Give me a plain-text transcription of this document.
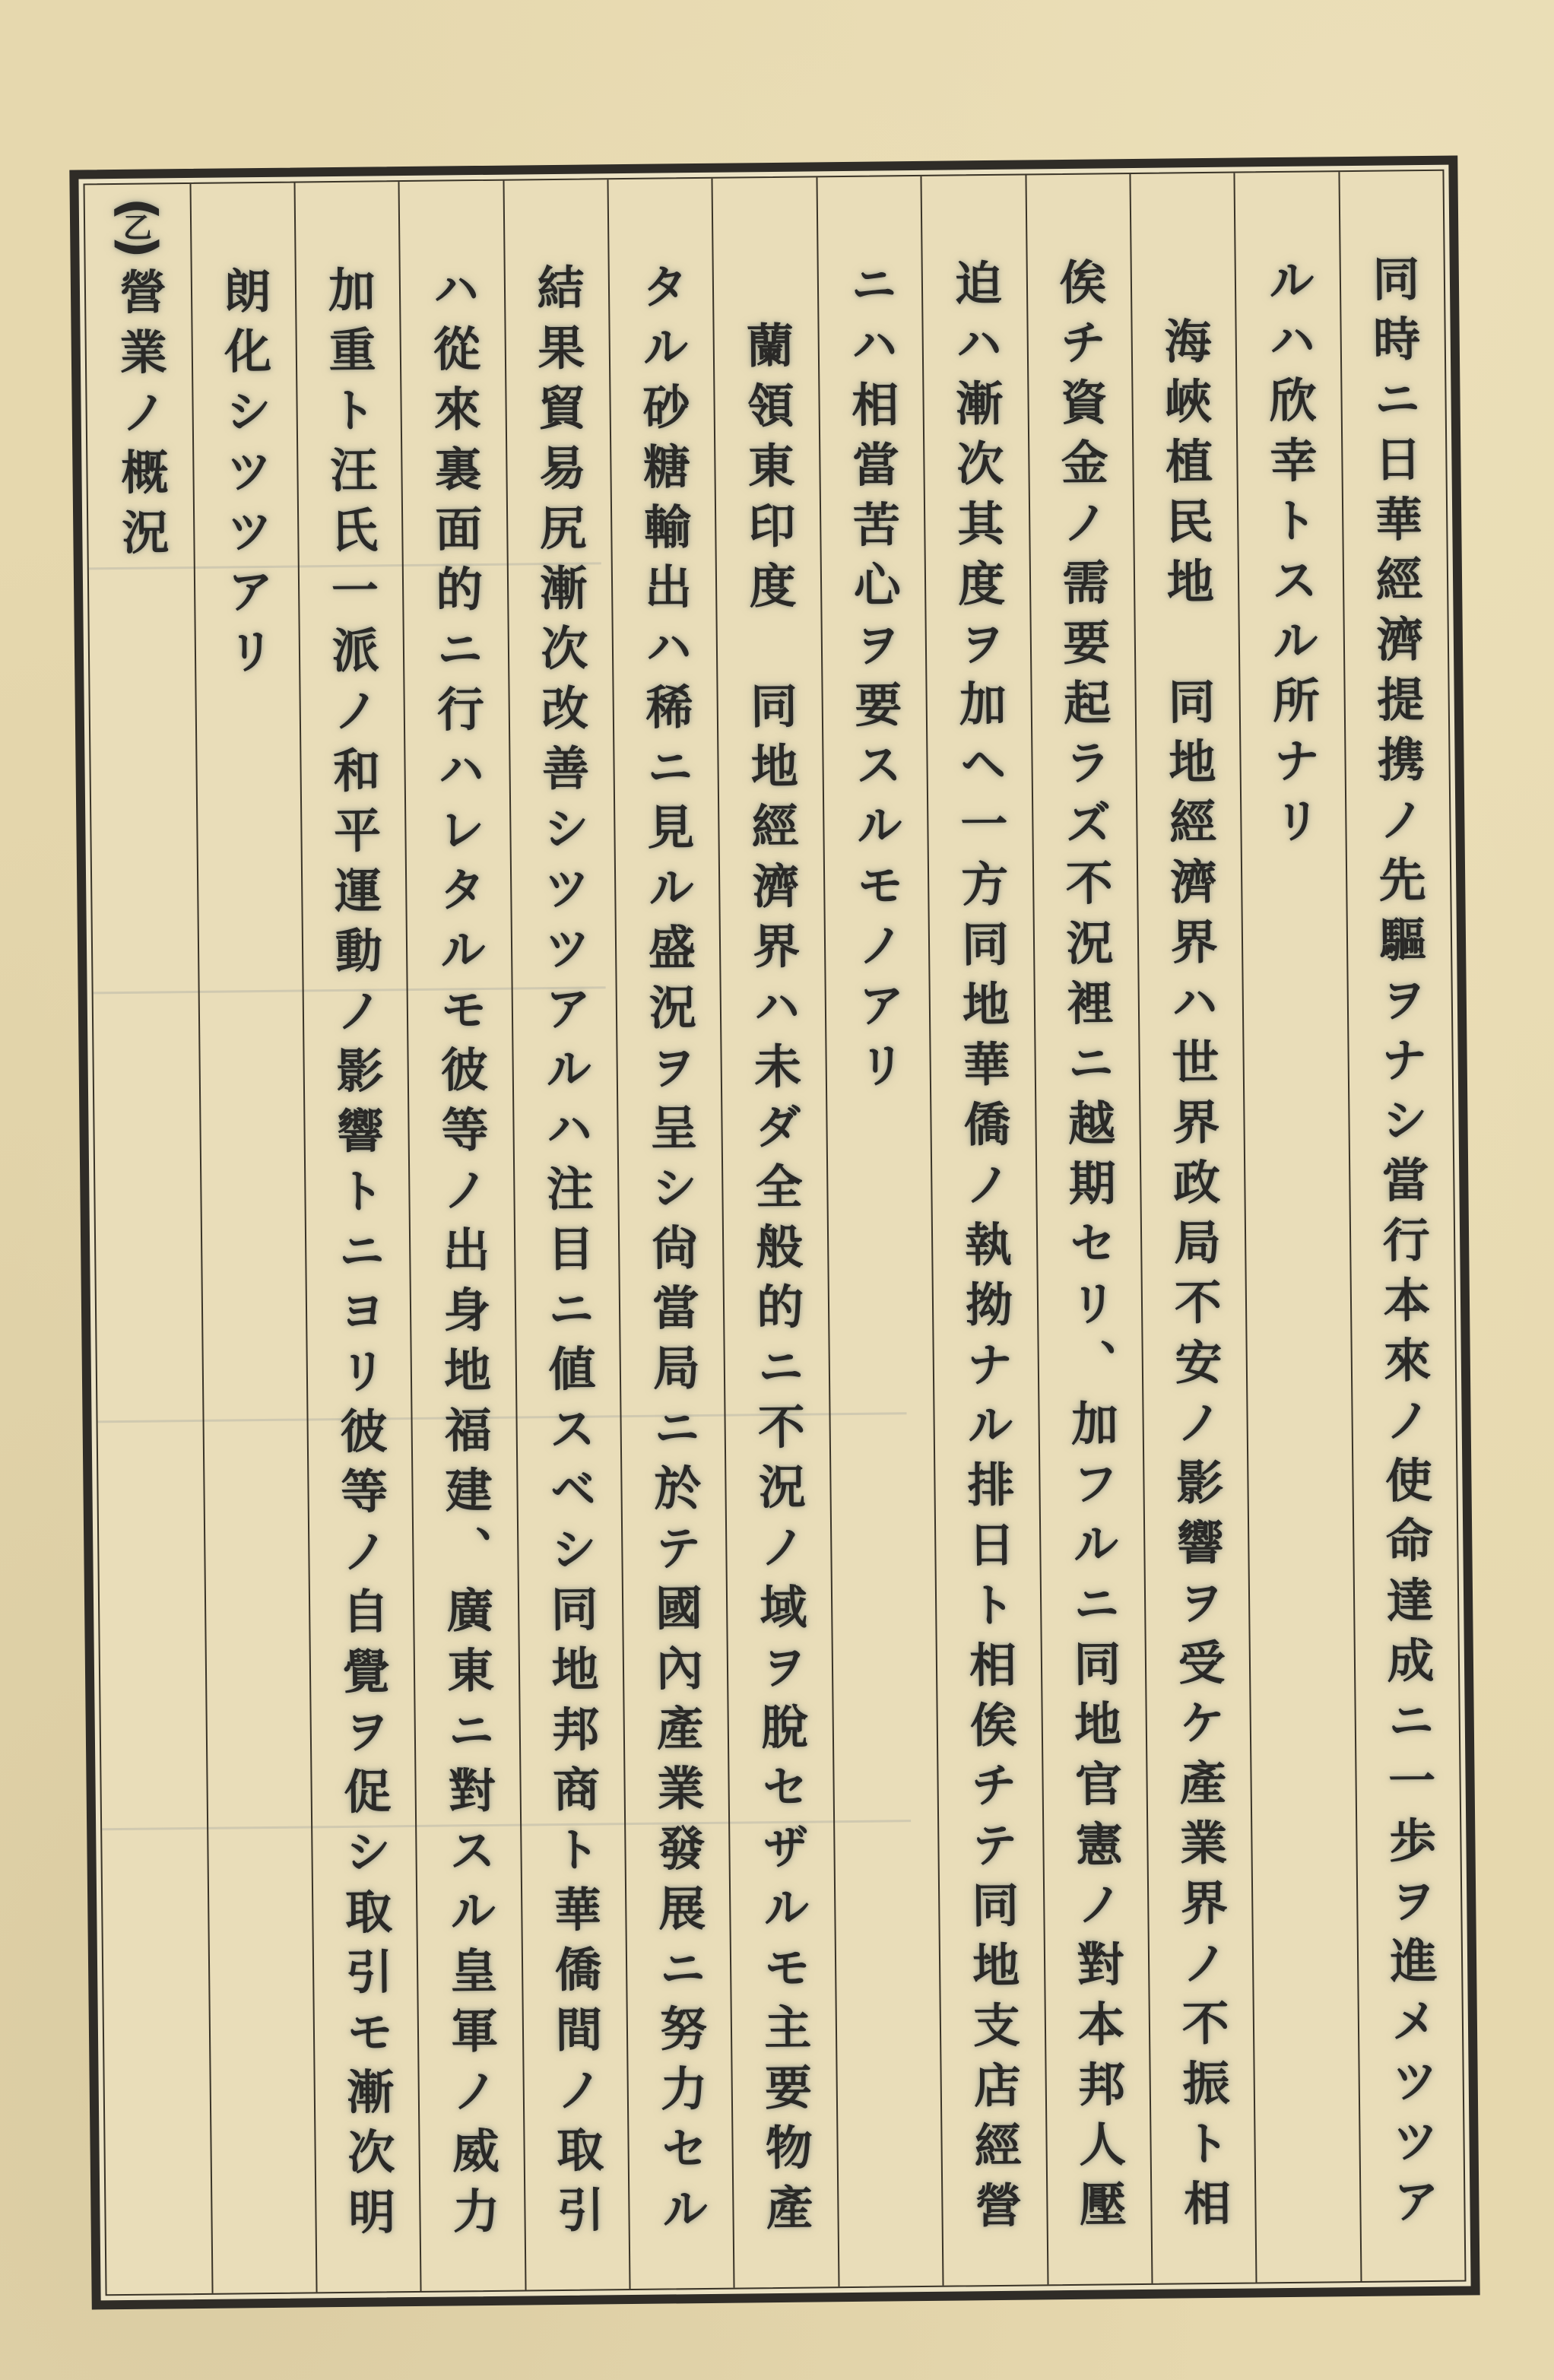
同時ニ日華經濟提携ノ先驅ヲナシ當行本來ノ使命達成ニ一歩ヲ進メツツア
ルハ欣幸トスル所ナリ
海峽植民地同地經濟界ハ世界政局不安ノ影響ヲ受ケ產業界ノ不振ト相
俟チ資金ノ需要起ラズ不況裡ニ越期セリ、加フルニ同地官憲ノ對本邦人壓
迫ハ漸次其度ヲ加ヘ一方同地華僑ノ執拗ナル排日ト相俟チテ同地支店經營
ニハ相當苦心ヲ要スルモノアリ
蘭領東印度同地經濟界ハ未ダ全般的ニ不況ノ域ヲ脫セザルモ主要物產
タル砂糖輸出ハ稀ニ見ル盛況ヲ呈シ尙當局ニ於テ國內產業發展ニ努力セル
結果貿易尻漸次改善シツツアルハ注目ニ値スベシ同地邦商ト華僑間ノ取引
ハ從來裏面的ニ行ハレタルモ彼等ノ出身地福建、廣東ニ對スル皇軍ノ威力
加重ト汪氏一派ノ和平運動ノ影響トニヨリ彼等ノ自覺ヲ促シ取引モ漸次明
朗化シツツアリ
(
乙
)
營業ノ概況
